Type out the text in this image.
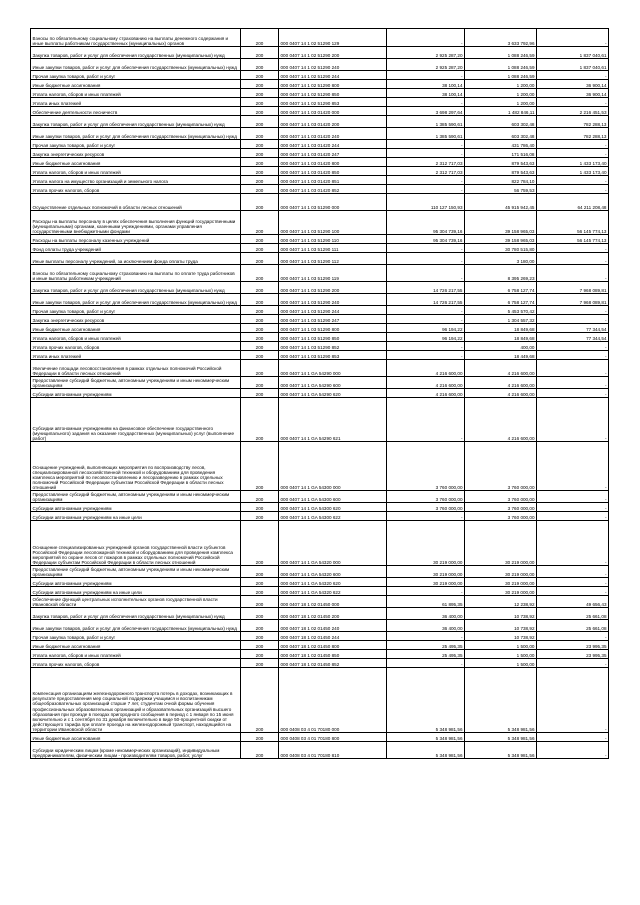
Взносы по обязательному социальному страхованию на выплаты денежного содержания и иные выплаты работникам государственных (муниципальных) органов	200	000 0407 14 1 02 51290 129	-	3 633 792,96	-
Закупка товаров, работ и услуг для обеспечения государственных (муниципальных) нужд	200	000 0407 14 1 02 51290 200	2 925 287,20	1 088 246,59	1 837 040,61
Иные закупки товаров, работ и услуг для обеспечения государственных (муниципальных) нужд	200	000 0407 14 1 02 51290 240	2 925 287,20	1 088 246,59	1 837 040,61
Прочая закупка товаров, работ и услуг	200	000 0407 14 1 02 51290 244	-	1 088 246,59	-
Иные бюджетные ассигнования	200	000 0407 14 1 02 51290 800	38 100,14	1 200,00	36 900,14
Уплата налогов, сборов и иных платежей	200	000 0407 14 1 02 51290 850	38 100,14	1 200,00	36 900,14
Уплата иных платежей	200	000 0407 14 1 02 51290 853	-	1 200,00	-
Обеспечение деятельности лесничеств	200	000 0407 14 1 03 01420 000	3 698 297,64	1 482 846,11	2 216 451,53
Закупка товаров, работ и услуг для обеспечения государственных (муниципальных) нужд	200	000 0407 14 1 03 01420 200	1 385 590,61	603 302,48	782 288,13
Иные закупки товаров, работ и услуг для обеспечения государственных (муниципальных) нужд	200	000 0407 14 1 03 01420 240	1 385 590,61	603 302,48	782 288,13
Прочая закупка товаров, работ и услуг	200	000 0407 14 1 03 01420 244	-	431 786,40	-
Закупка энергетических ресурсов	200	000 0407 14 1 03 01420 247	-	171 516,08	-
Иные бюджетные ассигнования	200	000 0407 14 1 03 01420 800	2 312 717,03	879 543,63	1 433 173,40
Уплата налогов, сборов и иных платежей	200	000 0407 14 1 03 01420 850	2 312 717,03	879 543,63	1 433 173,40
Уплата налога на имущество организаций и земельного налога	200	000 0407 14 1 03 01420 851	-	822 784,10	-
Уплата прочих налогов, сборов	200	000 0407 14 1 03 01420 852	-	56 759,53	-
Осуществление отдельных полномочий в области лесных отношений	200	000 0407 14 1 03 51290 000	110 127 150,93	45 915 942,45	64 211 208,48
Расходы на выплаты персоналу в целях обеспечения выполнения функций государственными (муниципальными) органами, казенными учреждениями, органами управления государственными внебюджетными фондами	200	000 0407 14 1 03 51290 100	95 304 739,16	39 158 965,03	56 145 774,13
Расходы на выплаты персоналу казенных учреждений	200	000 0407 14 1 03 51290 110	95 304 739,16	39 158 965,03	56 145 774,13
Фонд оплаты труда учреждений	200	000 0407 14 1 03 51290 111	-	30 780 515,80	-
Иные выплаты персоналу учреждений, за исключением фонда оплаты труда	200	000 0407 14 1 03 51290 112	-	3 180,00	-
Взносы по обязательному социальному страхованию на выплаты по оплате труда работников и иные выплаты работникам учреждений	200	000 0407 14 1 03 51290 119	-	8 395 269,23	-
Закупка товаров, работ и услуг для обеспечения государственных (муниципальных) нужд	200	000 0407 14 1 03 51290 200	14 726 217,55	6 758 127,74	7 968 089,81
Иные закупки товаров, работ и услуг для обеспечения государственных (муниципальных) нужд	200	000 0407 14 1 03 51290 240	14 726 217,55	6 758 127,74	7 968 089,81
Прочая закупка товаров, работ и услуг	200	000 0407 14 1 03 51290 244	-	5 453 570,42	-
Закупка энергетических ресурсов	200	000 0407 14 1 03 51290 247	-	1 304 557,32	-
Иные бюджетные ассигнования	200	000 0407 14 1 03 51290 800	96 194,22	18 849,68	77 344,54
Уплата налогов, сборов и иных платежей	200	000 0407 14 1 03 51290 850	96 194,22	18 849,68	77 344,54
Уплата прочих налогов, сборов	200	000 0407 14 1 03 51290 852	-	400,00	-
Уплата иных платежей	200	000 0407 14 1 03 51290 853	-	18 449,68	-
Увеличение площади лесовосстановления в рамках отдельных полномочий Российской Федерации в области лесных отношений	200	000 0407 14 1 GA 54290 000	4 216 600,00	4 216 600,00	-
Предоставление субсидий бюджетным, автономным учреждениям и иным некоммерческим организациям	200	000 0407 14 1 GA 54290 600	4 216 600,00	4 216 600,00	-
Субсидии автономным учреждениям	200	000 0407 14 1 GA 54290 620	4 216 600,00	4 216 600,00	-
Субсидии автономным учреждениям на финансовое обеспечение государственного (муниципального) задания на оказание государственных (муниципальных) услуг (выполнение работ)	200	000 0407 14 1 GA 54290 621	-	4 216 600,00	-
Оснащение учреждений, выполняющих мероприятия по воспроизводству лесов, специализированной лесохозяйственной техникой и оборудованием для проведения комплекса мероприятий по лесовосстановлению и лесоразведению в рамках отдельных полномочий Российской Федерации субъектам Российской Федерации в области лесных отношений	200	000 0407 14 1 GA 54300 000	3 760 000,00	3 760 000,00	-
Предоставление субсидий бюджетным, автономным учреждениям и иным некоммерческим организациям	200	000 0407 14 1 GA 54300 600	3 760 000,00	3 760 000,00	-
Субсидии автономным учреждениям	200	000 0407 14 1 GA 54300 620	3 760 000,00	3 760 000,00	-
Субсидии автономным учреждениям на иные цели	200	000 0407 14 1 GA 54300 622	-	3 760 000,00	-
Оснащение специализированных учреждений органов государственной власти субъектов Российской Федерации лесопожарной техникой и оборудованием для проведения комплекса мероприятий по охране лесов от пожаров в рамках отдельных полномочий Российской Федерации субъектам Российской Федерации в области лесных отношений	200	000 0407 14 1 GA 54320 000	30 219 000,00	30 219 000,00	-
Предоставление субсидий бюджетным, автономным учреждениям и иным некоммерческим организациям	200	000 0407 14 1 GA 54320 600	30 219 000,00	30 219 000,00	-
Субсидии автономным учреждениям	200	000 0407 14 1 GA 54320 620	30 219 000,00	30 219 000,00	-
Субсидии автономным учреждениям на иные цели	200	000 0407 14 1 GA 54320 622	-	30 219 000,00	-
Обеспечение функций центральных исполнительных органов государственной власти Ивановской области	200	000 0407 18 1 02 01450 000	61 895,35	12 238,92	49 656,43
Закупка товаров, работ и услуг для обеспечения государственных (муниципальных) нужд	200	000 0407 18 1 02 01450 200	36 400,00	10 738,92	25 661,08
Иные закупки товаров, работ и услуг для обеспечения государственных (муниципальных) нужд	200	000 0407 18 1 02 01450 240	36 400,00	10 738,92	25 661,08
Прочая закупка товаров, работ и услуг	200	000 0407 18 1 02 01450 244	-	10 738,92	-
Иные бюджетные ассигнования	200	000 0407 18 1 02 01450 800	25 495,35	1 500,00	23 995,35
Уплата налогов, сборов и иных платежей	200	000 0407 18 1 02 01450 850	25 495,35	1 500,00	23 995,35
Уплата прочих налогов, сборов	200	000 0407 18 1 02 01450 852	-	1 500,00	-
Компенсация организациям железнодорожного транспорта потерь в доходах, возникающих в результате предоставления мер социальной поддержки учащимся и воспитанникам общеобразовательных организаций старше 7 лет, студентам очной формы обучения профессиональных образовательных организаций и образовательных организаций высшего образования при проезде в поездах пригородного сообщения в период с 1 января по 15 июня включительно и с 1 сентября по 31 декабря включительно в виде 50-процентной скидки от действующего тарифа при оплате проезда на железнодорожный транспорт, находящийся на территории Ивановской области	200	000 0408 03 4 01 70180 000	5 348 981,56	5 348 981,56	-
Иные бюджетные ассигнования	200	000 0408 03 4 01 70180 800	5 348 981,56	5 348 981,56	-
Субсидии юридическим лицам (кроме некоммерческих организаций), индивидуальным предпринимателям, физическим лицам - производителям товаров, работ, услуг	200	000 0408 03 4 01 70180 810	5 348 981,56	5 348 981,56	-
